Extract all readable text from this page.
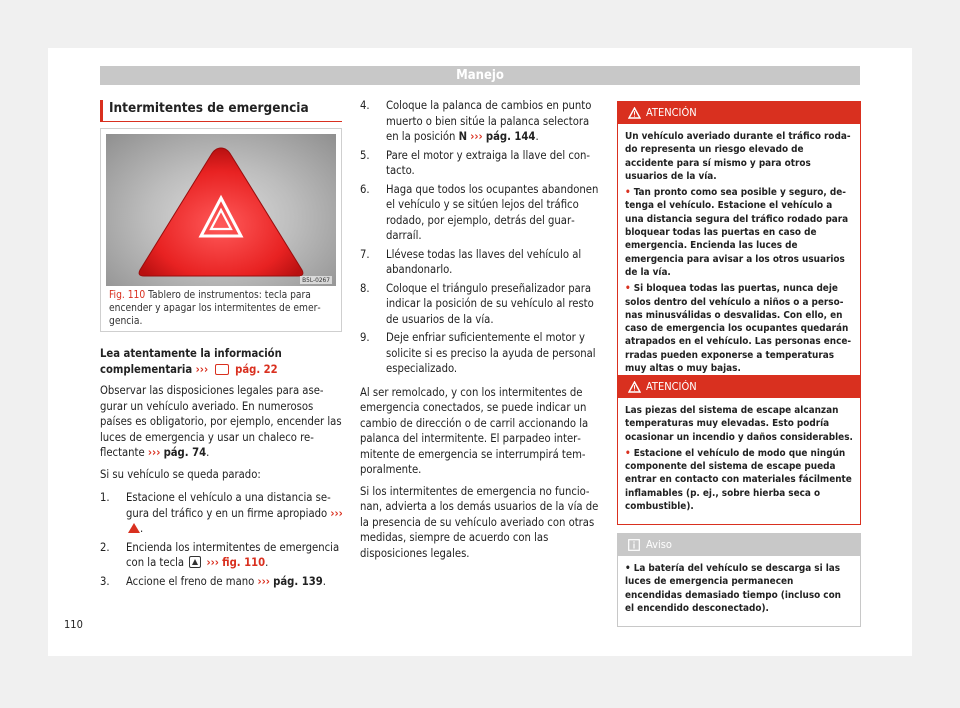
Manejo
Intermitentes de emergencia
B5L-0267
Fig. 110 Tablero de instrumentos: tecla para encender y apagar los intermitentes de emergencia.

Lea atentamente la información complementaria ››› pág. 22

Observar las disposiciones legales para asegurar un vehículo averiado. En numerosos países es obligatorio, por ejemplo, encender las luces de emergencia y usar un chaleco reflectante ››› pág. 74.

Si su vehículo se queda parado:

1. Estacione el vehículo a una distancia segura del tráfico y en un firme apropiado ››› .
2. Encienda los intermitentes de emergencia con la tecla ››› fig. 110.
3. Accione el freno de mano ››› pág. 139.
4. Coloque la palanca de cambios en punto muerto o bien sitúe la palanca selectora en la posición N ››› pág. 144.
5. Pare el motor y extraiga la llave del contacto.
6. Haga que todos los ocupantes abandonen el vehículo y se sitúen lejos del tráfico rodado, por ejemplo, detrás del guardarraíl.
7. Llévese todas las llaves del vehículo al abandonarlo.
8. Coloque el triángulo preseñalizador para indicar la posición de su vehículo al resto de usuarios de la vía.
9. Deje enfriar suficientemente el motor y solicite si es preciso la ayuda de personal especializado.

Al ser remolcado, y con los intermitentes de emergencia conectados, se puede indicar un cambio de dirección o de carril accionando la palanca del intermitente. El parpadeo intermitente de emergencia se interrumpirá temporalmente.

Si los intermitentes de emergencia no funcionan, advierta a los demás usuarios de la vía de la presencia de su vehículo averiado con otras medidas, siempre de acuerdo con las disposiciones legales.

ATENCIÓN

Un vehículo averiado durante el tráfico rodado representa un riesgo elevado de accidente para sí mismo y para otros usuarios de la vía.

• Tan pronto como sea posible y seguro, detenga el vehículo. Estacione el vehículo a una distancia segura del tráfico rodado para bloquear todas las puertas en caso de emergencia. Encienda las luces de emergencia para avisar a los otros usuarios de la vía.

• Si bloquea todas las puertas, nunca deje solos dentro del vehículo a niños o a personas minusválidas o desvalidas. Con ello, en caso de emergencia los ocupantes quedarán atrapados en el vehículo. Las personas encerradas pueden exponerse a temperaturas muy altas o muy bajas.

ATENCIÓN

Las piezas del sistema de escape alcanzan temperaturas muy elevadas. Esto podría ocasionar un incendio y daños considerables.

• Estacione el vehículo de modo que ningún componente del sistema de escape pueda entrar en contacto con materiales fácilmente inflamables (p. ej., sobre hierba seca o combustible).

Aviso

• La batería del vehículo se descarga si las luces de emergencia permanecen encendidas demasiado tiempo (incluso con el encendido desconectado).

110
